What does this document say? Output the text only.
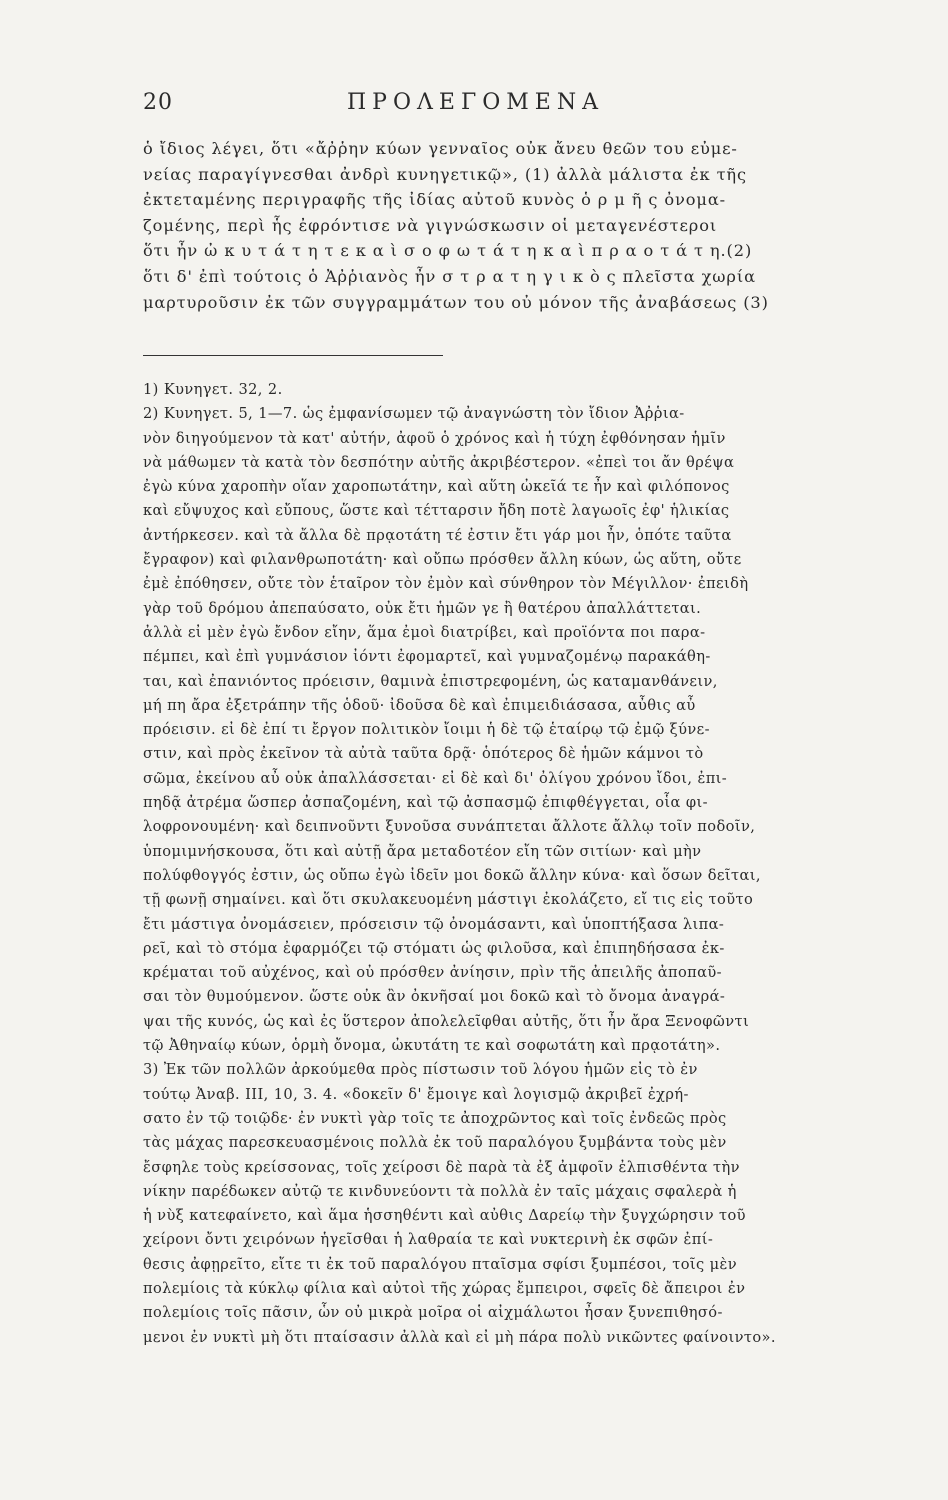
20	ΠΡΟΛΕΓΟΜΕΝΑ
ὁ ἴδιος λέγει, ὅτι «ἄῤῥην κύων γενναῖος οὐκ ἄνευ θεῶν του εὐμε-
νείας παραγίγνεσθαι ἀνδρὶ κυνηγετικῷ», (1) ἀλλὰ μάλιστα ἐκ τῆς
ἐκτεταμένης περιγραφῆς τῆς ἰδίας αὐτοῦ κυνὸς ὁ ρ μ ῆ ς ὀνομα-
ζομένης, περὶ ἧς ἐφρόντισε νὰ γιγνώσκωσιν οἱ μεταγενέστεροι
ὅτι ἦν ὠ κ υ τ ά τ η τ ε κ α ὶ σ ο φ ω τ ά τ η κ α ὶ π ρ α ο τ ά τ η.(2)
ὅτι δ' ἐπὶ τούτοις ὁ Ἀῤῥιανὸς ἦν σ τ ρ α τ η γ ι κ ὸ ς πλεῖστα χωρία
μαρτυροῦσιν ἐκ τῶν συγγραμμάτων του οὐ μόνον τῆς ἀναβάσεως (3)
1) Κυνηγετ. 32, 2.
2) Κυνηγετ. 5, 1—7. ὡς ἐμφανίσωμεν τῷ ἀναγνώστη τὸν ἴδιον Ἀῤῥια-
νὸν διηγούμενον τὰ κατ' αὐτήν, ἀφοῦ ὁ χρόνος καὶ ἡ τύχη ἐφθόνησαν ἡμῖν
νὰ μάθωμεν τὰ κατὰ τὸν δεσπότην αὐτῆς ἀκριβέστερον. «ἐπεὶ τοι ἄν θρέψα
ἐγὼ κύνα χαροπὴν οἵαν χαροπωτάτην, καὶ αὕτη ὠκεῖά τε ἦν καὶ φιλόπονος
καὶ εὔψυχος καὶ εὔπους, ὥστε καὶ τέτταρσιν ἤδη ποτὲ λαγωοῖς ἐφ' ἡλικίας
ἀντήρκεσεν. καὶ τὰ ἄλλα δὲ πρᾳοτάτη τέ ἐστιν ἔτι γάρ μοι ἦν, ὁπότε ταῦτα
ἔγραφον) καὶ φιλανθρωποτάτη· καὶ οὔπω πρόσθεν ἄλλη κύων, ὡς αὕτη, οὔτε
ἐμὲ ἐπόθησεν, οὔτε τὸν ἑταῖρον τὸν ἐμὸν καὶ σύνθηρον τὸν Μέγιλλον· ἐπειδὴ
γὰρ τοῦ δρόμου ἀπεπαύσατο, οὐκ ἔτι ἡμῶν γε ἢ θατέρου ἀπαλλάττεται.
ἀλλὰ εἰ μὲν ἐγὼ ἔνδον εἴην, ἅμα ἐμοὶ διατρίβει, καὶ προϊόντα ποι παρα-
πέμπει, καὶ ἐπὶ γυμνάσιον ἰόντι ἐφομαρτεῖ, καὶ γυμναζομένῳ παρακάθη-
ται, καὶ ἐπανιόντος πρόεισιν, θαμινὰ ἐπιστρεφομένη, ὡς καταμανθάνειν,
μή πη ἄρα ἐξετράπην τῆς ὁδοῦ· ἰδοῦσα δὲ καὶ ἐπιμειδιάσασα, αὖθις αὖ
πρόεισιν. εἰ δὲ ἐπί τι ἔργον πολιτικὸν ἴοιμι ἡ δὲ τῷ ἑταίρῳ τῷ ἐμῷ ξύνε-
στιν, καὶ πρὸς ἐκεῖνον τὰ αὐτὰ ταῦτα δρᾷ· ὁπότερος δὲ ἡμῶν κάμνοι τὸ
σῶμα, ἐκείνου αὖ οὐκ ἀπαλλάσσεται· εἰ δὲ καὶ δι' ὀλίγου χρόνου ἴδοι, ἐπι-
πηδᾷ ἀτρέμα ὥσπερ ἀσπαζομένη, καὶ τῷ ἀσπασμῷ ἐπιφθέγγεται, οἷα φι-
λοφρονουμένη· καὶ δειπνοῦντι ξυνοῦσα συνάπτεται ἄλλοτε ἄλλῳ τοῖν ποδοῖν,
ὑπομιμνήσκουσα, ὅτι καὶ αὐτῇ ἄρα μεταδοτέον εἴη τῶν σιτίων· καὶ μὴν
πολύφθογγός ἐστιν, ὡς οὔπω ἐγὼ ἰδεῖν μοι δοκῶ ἄλλην κύνα· καὶ ὅσων δεῖται,
τῇ φωνῇ σημαίνει. καὶ ὅτι σκυλακευομένη μάστιγι ἐκολάζετο, εἴ τις εἰς τοῦτο
ἔτι μάστιγα ὀνομάσειεν, πρόσεισιν τῷ ὀνομάσαντι, καὶ ὑποπτήξασα λιπα-
ρεῖ, καὶ τὸ στόμα ἐφαρμόζει τῷ στόματι ὡς φιλοῦσα, καὶ ἐπιπηδήσασα ἐκ-
κρέμαται τοῦ αὐχένος, καὶ οὐ πρόσθεν ἀνίησιν, πρὶν τῆς ἀπειλῆς ἀποπαῦ-
σαι τὸν θυμούμενον. ὥστε οὐκ ἂν ὀκνῆσαί μοι δοκῶ καὶ τὸ ὄνομα ἀναγρά-
ψαι τῆς κυνός, ὡς καὶ ἐς ὕστερον ἀπολελεῖφθαι αὐτῆς, ὅτι ἦν ἄρα Ξενοφῶντι
τῷ Ἀθηναίῳ κύων, ὁρμὴ ὄνομα, ὠκυτάτη τε καὶ σοφωτάτη καὶ πρᾳοτάτη».
3) Ἐκ τῶν πολλῶν ἀρκούμεθα πρὸς πίστωσιν τοῦ λόγου ἡμῶν εἰς τὸ ἐν
τούτῳ Ἀναβ. III, 10, 3. 4. «δοκεῖν δ' ἔμοιγε καὶ λογισμῷ ἀκριβεῖ ἐχρή-
σατο ἐν τῷ τοιῷδε· ἐν νυκτὶ γὰρ τοῖς τε ἀποχρῶντος καὶ τοῖς ἐνδεῶς πρὸς
τὰς μάχας παρεσκευασμένοις πολλὰ ἐκ τοῦ παραλόγου ξυμβάντα τοὺς μὲν
ἔσφηλε τοὺς κρείσσονας, τοῖς χείροσι δὲ παρὰ τὰ ἐξ ἀμφοῖν ἐλπισθέντα τὴν
νίκην παρέδωκεν αὐτῷ τε κινδυνεύοντι τὰ πολλὰ ἐν ταῖς μάχαις σφαλερὰ ἡ
ἡ νὺξ κατεφαίνετο, καὶ ἅμα ἡσσηθέντι καὶ αὐθις Δαρείῳ τὴν ξυγχώρησιν τοῦ
χείρονι ὄντι χειρόνων ἡγεῖσθαι ἡ λαθραία τε καὶ νυκτερινὴ ἐκ σφῶν ἐπί-
θεσις ἀφῃρεῖτο, εἴτε τι ἐκ τοῦ παραλόγου πταῖσμα σφίσι ξυμπέσοι, τοῖς μὲν
πολεμίοις τὰ κύκλῳ φίλια καὶ αὐτοὶ τῆς χώρας ἔμπειροι, σφεῖς δὲ ἄπειροι ἐν
πολεμίοις τοῖς πᾶσιν, ὧν οὐ μικρὰ μοῖρα οἱ αἰχμάλωτοι ἦσαν ξυνεπιθησό-
μενοι ἐν νυκτὶ μὴ ὅτι πταίσασιν ἀλλὰ καὶ εἰ μὴ πάρα πολὺ νικῶντες φαίνοιντο».
